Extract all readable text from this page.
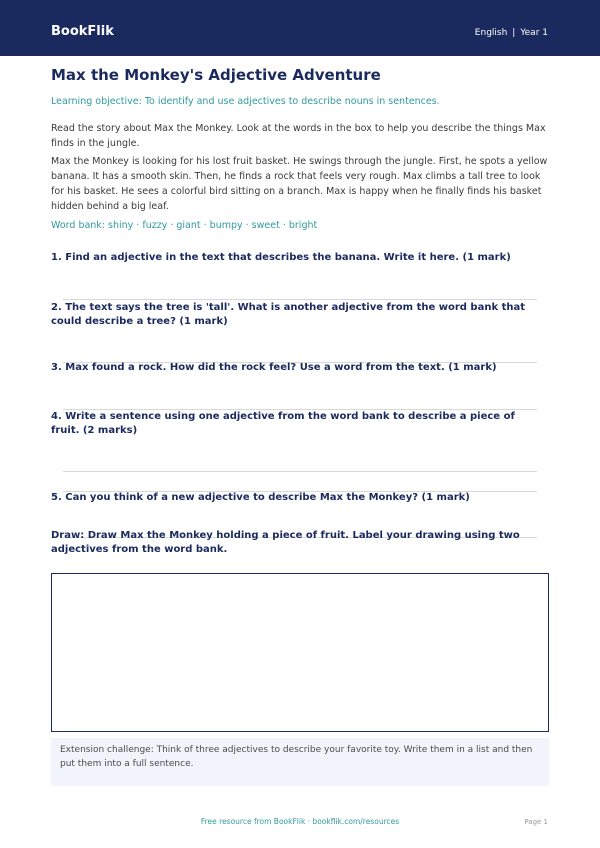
BookFlik	English | Year 1
Max the Monkey's Adjective Adventure
Learning objective: To identify and use adjectives to describe nouns in sentences.
Read the story about Max the Monkey. Look at the words in the box to help you describe the things Max finds in the jungle.
Max the Monkey is looking for his lost fruit basket. He swings through the jungle. First, he spots a yellow banana. It has a smooth skin. Then, he finds a rock that feels very rough. Max climbs a tall tree to look for his basket. He sees a colorful bird sitting on a branch. Max is happy when he finally finds his basket hidden behind a big leaf.
Word bank: shiny · fuzzy · giant · bumpy · sweet · bright
1. Find an adjective in the text that describes the banana. Write it here. (1 mark)
2. The text says the tree is 'tall'. What is another adjective from the word bank that could describe a tree? (1 mark)
3. Max found a rock. How did the rock feel? Use a word from the text. (1 mark)
4. Write a sentence using one adjective from the word bank to describe a piece of fruit. (2 marks)
5. Can you think of a new adjective to describe Max the Monkey? (1 mark)
Draw: Draw Max the Monkey holding a piece of fruit. Label your drawing using two adjectives from the word bank.
Extension challenge: Think of three adjectives to describe your favorite toy. Write them in a list and then put them into a full sentence.
Free resource from BookFlik · bookflik.com/resources	Page 1
